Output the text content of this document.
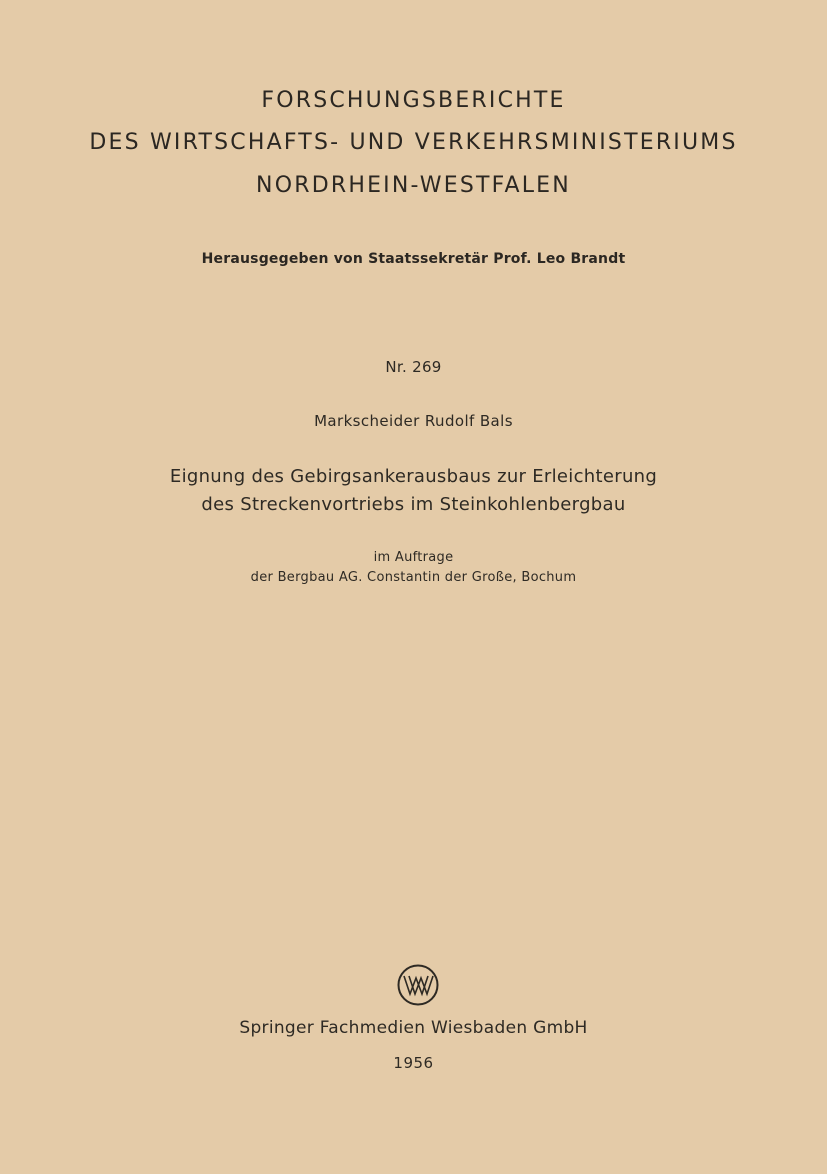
FORSCHUNGSBERICHTE
DES WIRTSCHAFTS- UND VERKEHRSMINISTERIUMS
NORDRHEIN-WESTFALEN
Herausgegeben von Staatssekretär Prof. Leo Brandt
Nr. 269
Markscheider Rudolf Bals
Eignung des Gebirgsankerausbaus zur Erleichterung
des Streckenvortriebs im Steinkohlenbergbau
im Auftrage
der Bergbau AG. Constantin der Große, Bochum
Springer Fachmedien Wiesbaden GmbH
1956
